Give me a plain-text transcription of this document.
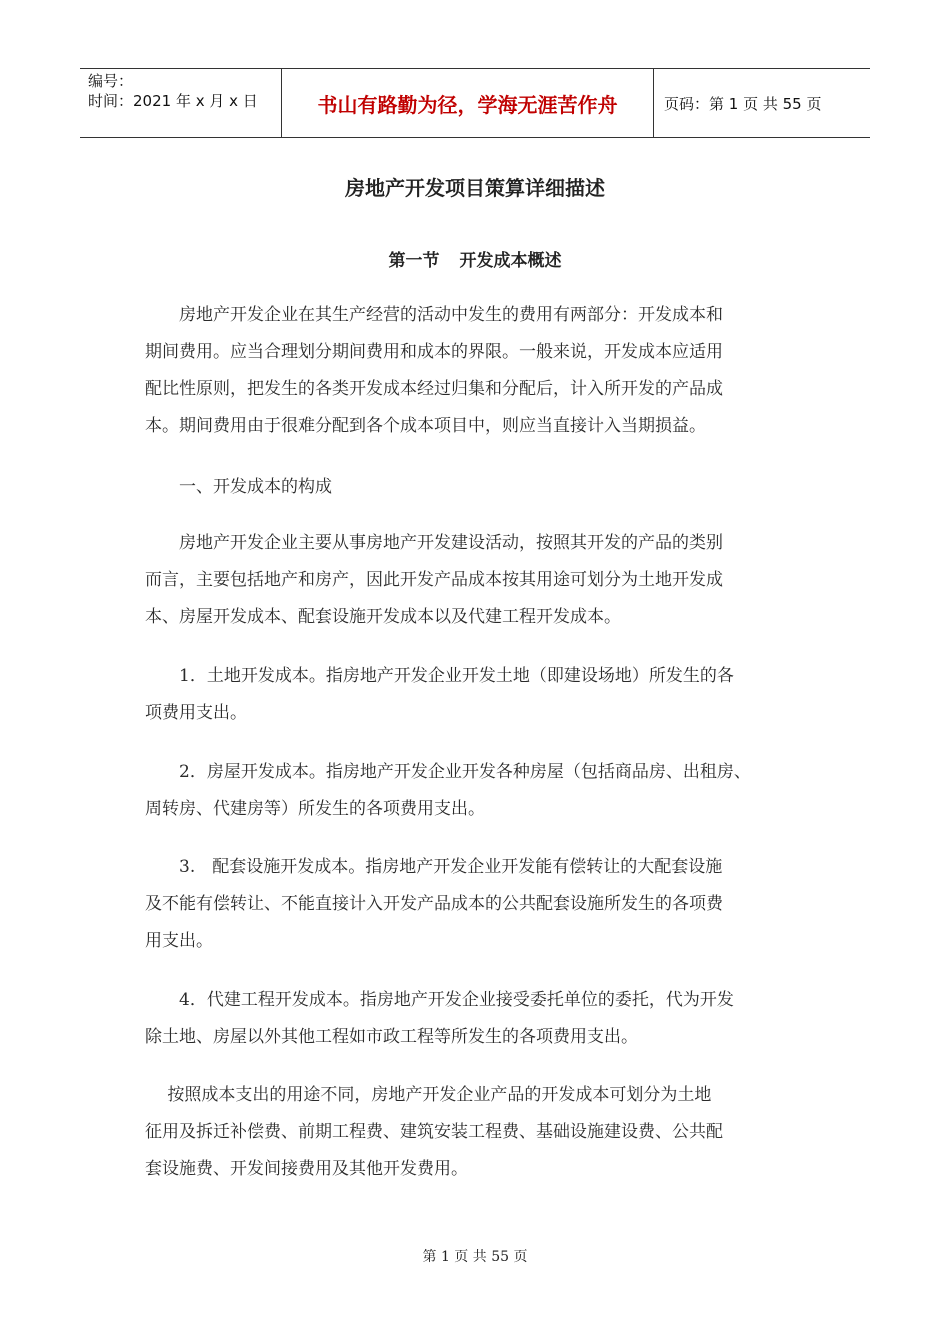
编号：
时间：2021 年 x 月 x 日	书山有路勤为径，学海无涯苦作舟	页码：第 1 页 共 55 页
房地产开发项目策算详细描述
第一节 开发成本概述
　　房地产开发企业在其生产经营的活动中发生的费用有两部分：开发成本和
期间费用。应当合理划分期间费用和成本的界限。一般来说，开发成本应适用
配比性原则，把发生的各类开发成本经过归集和分配后，计入所开发的产品成
本。期间费用由于很难分配到各个成本项目中，则应当直接计入当期损益。
　　一、开发成本的构成
　　房地产开发企业主要从事房地产开发建设活动，按照其开发的产品的类别
而言，主要包括地产和房产，因此开发产品成本按其用途可划分为土地开发成
本、房屋开发成本、配套设施开发成本以及代建工程开发成本。
　　1．土地开发成本。指房地产开发企业开发土地（即建设场地）所发生的各
项费用支出。
　　2．房屋开发成本。指房地产开发企业开发各种房屋（包括商品房、出租房、
周转房、代建房等）所发生的各项费用支出。
　　3.　配套设施开发成本。指房地产开发企业开发能有偿转让的大配套设施
及不能有偿转让、不能直接计入开发产品成本的公共配套设施所发生的各项费
用支出。
　　4．代建工程开发成本。指房地产开发企业接受委托单位的委托，代为开发
除土地、房屋以外其他工程如市政工程等所发生的各项费用支出。
　 按照成本支出的用途不同，房地产开发企业产品的开发成本可划分为土地
征用及拆迁补偿费、前期工程费、建筑安装工程费、基础设施建设费、公共配
套设施费、开发间接费用及其他开发费用。
第 1 页 共 55 页
